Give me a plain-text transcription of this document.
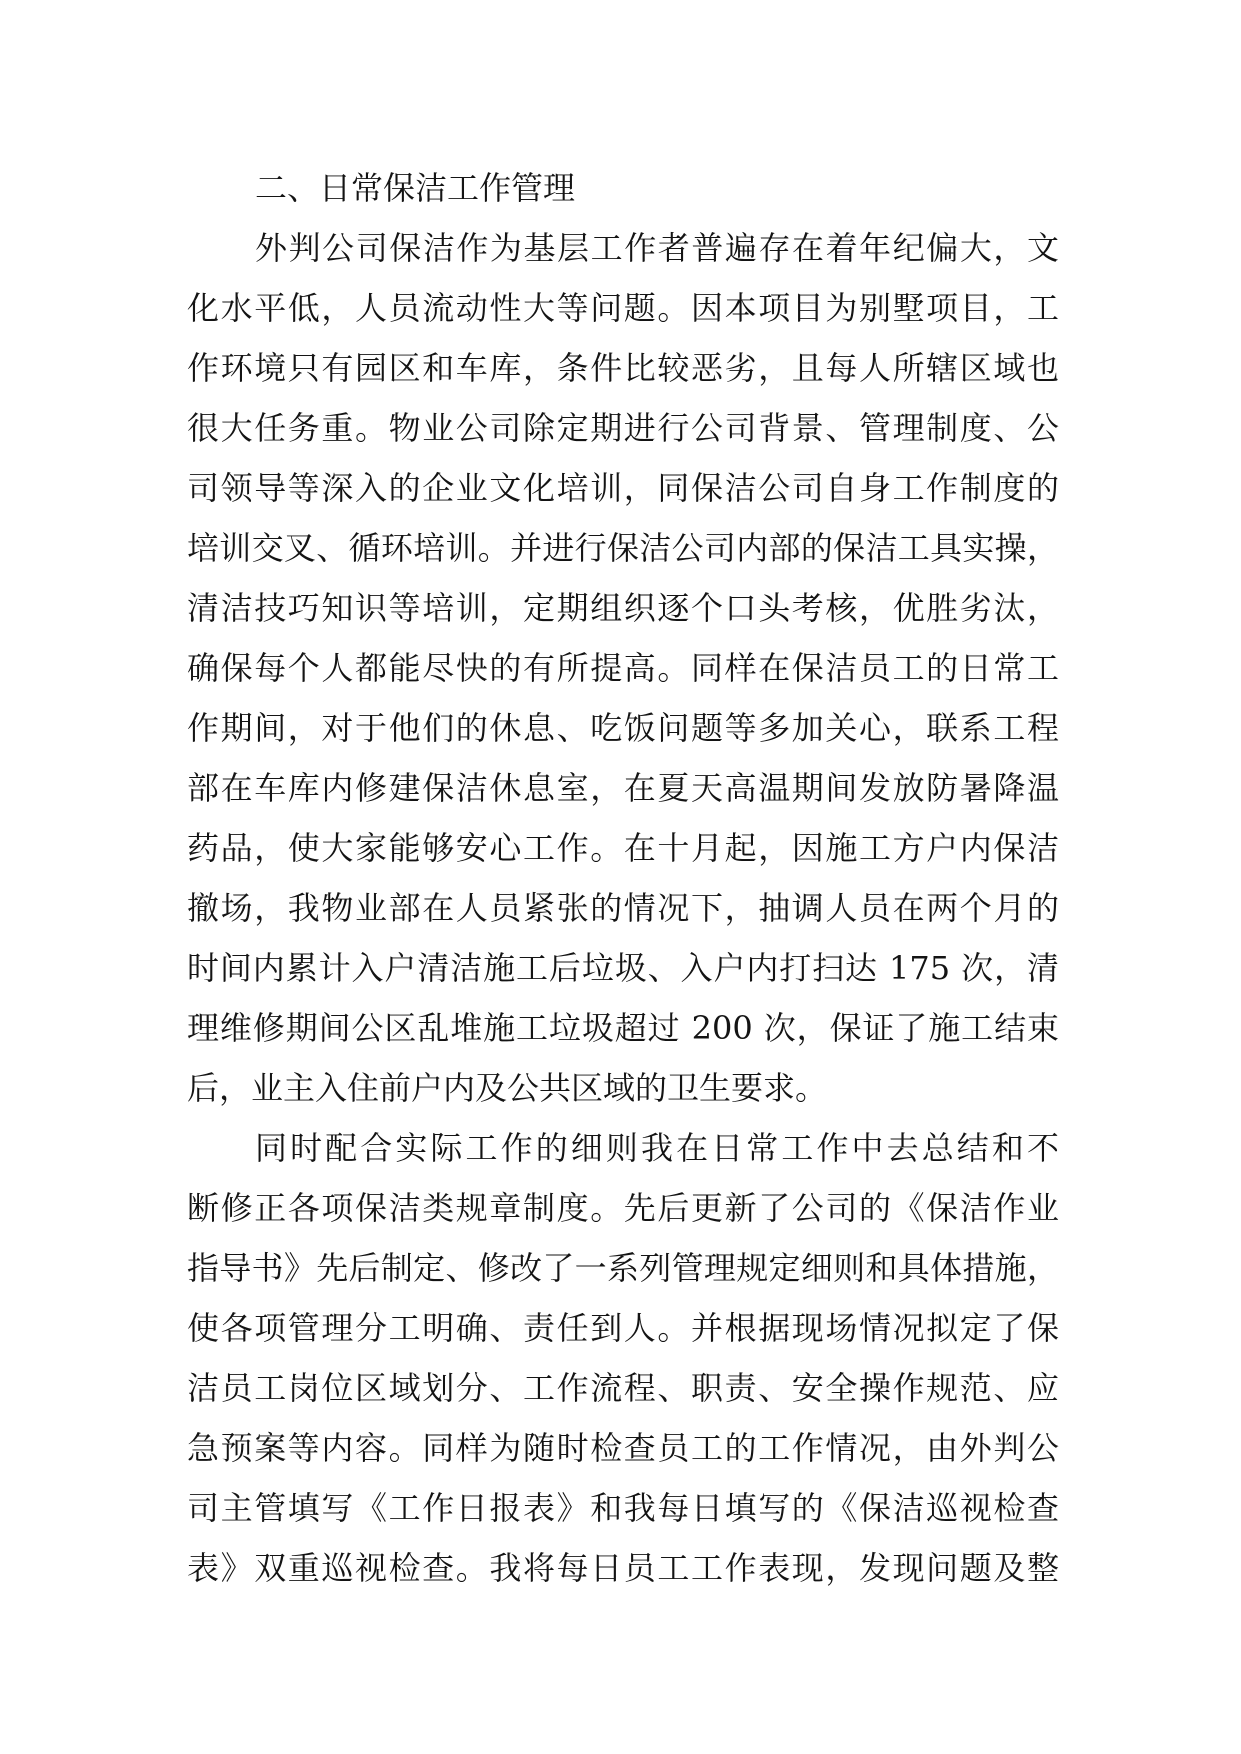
二、日常保洁工作管理
外判公司保洁作为基层工作者普遍存在着年纪偏大，文
化水平低，人员流动性大等问题。因本项目为别墅项目，工
作环境只有园区和车库，条件比较恶劣，且每人所辖区域也
很大任务重。物业公司除定期进行公司背景、管理制度、公
司领导等深入的企业文化培训，同保洁公司自身工作制度的
培训交叉、循环培训。并进行保洁公司内部的保洁工具实操，
清洁技巧知识等培训，定期组织逐个口头考核，优胜劣汰，
确保每个人都能尽快的有所提高。同样在保洁员工的日常工
作期间，对于他们的休息、吃饭问题等多加关心，联系工程
部在车库内修建保洁休息室，在夏天高温期间发放防暑降温
药品，使大家能够安心工作。在十月起，因施工方户内保洁
撤场，我物业部在人员紧张的情况下，抽调人员在两个月的
时间内累计入户清洁施工后垃圾、入户内打扫达 175 次，清
理维修期间公区乱堆施工垃圾超过 200 次，保证了施工结束
后，业主入住前户内及公共区域的卫生要求。
同时配合实际工作的细则我在日常工作中去总结和不
断修正各项保洁类规章制度。先后更新了公司的《保洁作业
指导书》先后制定、修改了一系列管理规定细则和具体措施，
使各项管理分工明确、责任到人。并根据现场情况拟定了保
洁员工岗位区域划分、工作流程、职责、安全操作规范、应
急预案等内容。同样为随时检查员工的工作情况，由外判公
司主管填写《工作日报表》和我每日填写的《保洁巡视检查
表》双重巡视检查。我将每日员工工作表现，发现问题及整
